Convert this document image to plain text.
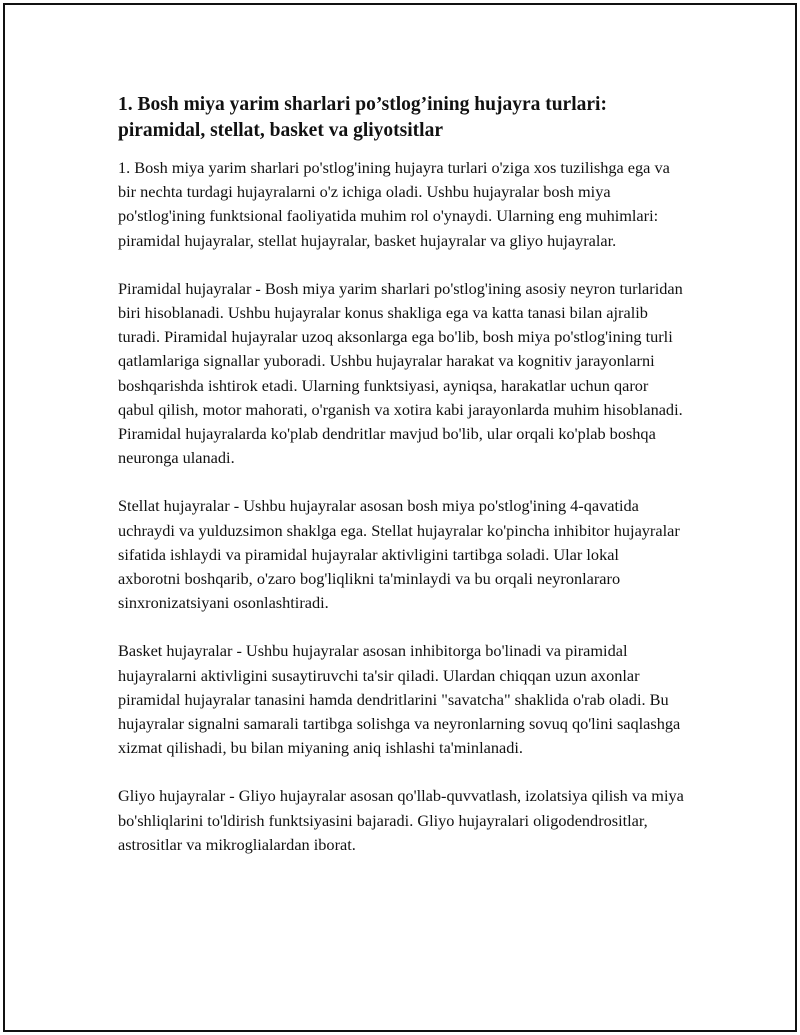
1. Bosh miya yarim sharlari po’stlog’ining hujayra turlari: piramidal, stellat, basket va gliyotsitlar

1. Bosh miya yarim sharlari po'stlog'ining hujayra turlari o'ziga xos tuzilishga ega va bir nechta turdagi hujayralarni o'z ichiga oladi. Ushbu hujayralar bosh miya po'stlog'ining funktsional faoliyatida muhim rol o'ynaydi. Ularning eng muhimlari: piramidal hujayralar, stellat hujayralar, basket hujayralar va gliyo hujayralar.

Piramidal hujayralar - Bosh miya yarim sharlari po'stlog'ining asosiy neyron turlaridan biri hisoblanadi. Ushbu hujayralar konus shakliga ega va katta tanasi bilan ajralib turadi. Piramidal hujayralar uzoq aksonlarga ega bo'lib, bosh miya po'stlog'ining turli qatlamlariga signallar yuboradi. Ushbu hujayralar harakat va kognitiv jarayonlarni boshqarishda ishtirok etadi. Ularning funktsiyasi, ayniqsa, harakatlar uchun qaror qabul qilish, motor mahorati, o'rganish va xotira kabi jarayonlarda muhim hisoblanadi. Piramidal hujayralarda ko'plab dendritlar mavjud bo'lib, ular orqali ko'plab boshqa neuronga ulanadi.

Stellat hujayralar - Ushbu hujayralar asosan bosh miya po'stlog'ining 4-qavatida uchraydi va yulduzsimon shaklga ega. Stellat hujayralar ko'pincha inhibitor hujayralar sifatida ishlaydi va piramidal hujayralar aktivligini tartibga soladi. Ular lokal axborotni boshqarib, o'zaro bog'liqlikni ta'minlaydi va bu orqali neyronlararo sinxronizatsiyani osonlashtiradi.

Basket hujayralar - Ushbu hujayralar asosan inhibitorga bo'linadi va piramidal hujayralarni aktivligini susaytiruvchi ta'sir qiladi. Ulardan chiqqan uzun axonlar piramidal hujayralar tanasini hamda dendritlarini "savatcha" shaklida o'rab oladi. Bu hujayralar signalni samarali tartibga solishga va neyronlarning sovuq qo'lini saqlashga xizmat qilishadi, bu bilan miyaning aniq ishlashi ta'minlanadi.

Gliyo hujayralar - Gliyo hujayralar asosan qo'llab-quvvatlash, izolatsiya qilish va miya bo'shliqlarini to'ldirish funktsiyasini bajaradi. Gliyo hujayralari oligodendrositlar, astrositlar va mikroglialardan iborat.
